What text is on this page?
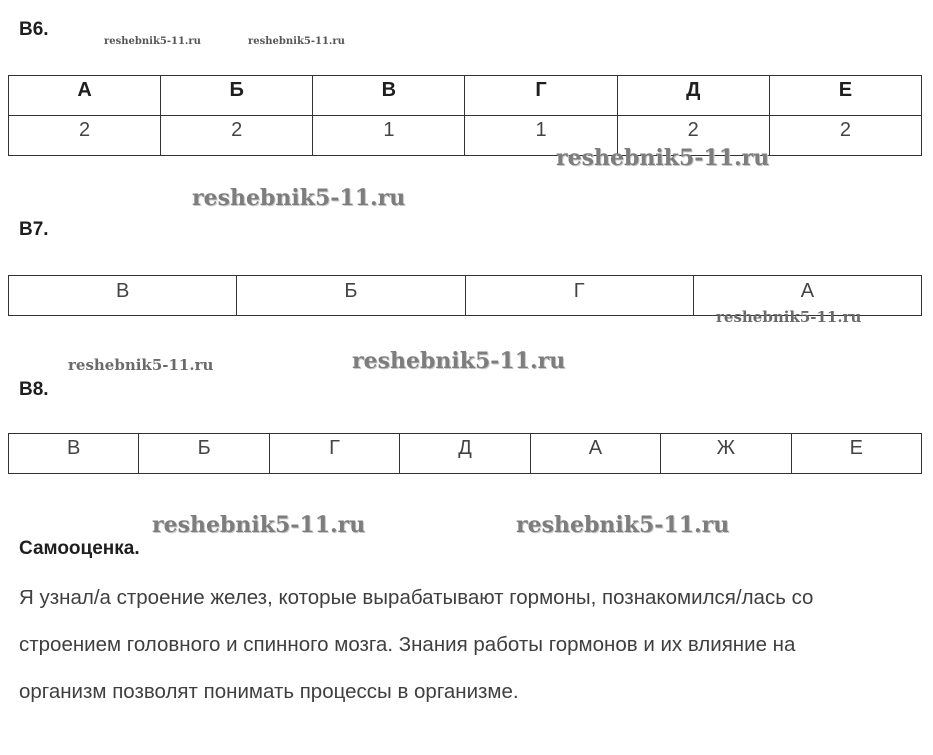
B6.
reshebnik5-11.ru	reshebnik5-11.ru
А	Б	В	Г	Д	Е
2	2	1	1	2	2
reshebnik5-11.ru
reshebnik5-11.ru
B7.
В	Б	Г	А
reshebnik5-11.ru
reshebnik5-11.ru	reshebnik5-11.ru
B8.
В	Б	Г	Д	А	Ж	Е
reshebnik5-11.ru	reshebnik5-11.ru
Самооценка.
Я узнал/а строение желез, которые вырабатывают гормоны, познакомился/лась со
строением головного и спинного мозга. Знания работы гормонов и их влияние на
организм позволят понимать процессы в организме.
